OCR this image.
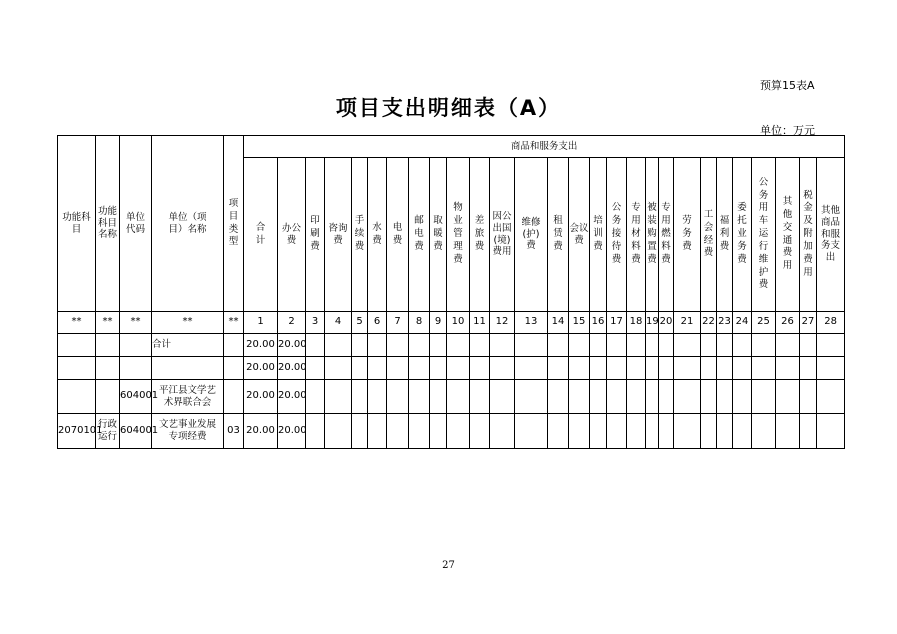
预算15表A
项目支出明细表（A）
单位：万元
功能科目	功能科目名称	单位代码	单位（项目）名称	项目类型	商品和服务支出																											
					合计	办公费	印刷费	咨询费	手续费	水费	电费	邮电费	取暖费	物业管理费	差旅费	因公出国(境)费用	维修(护)费	租赁费	会议费	培训费	公务接待费	专用材料费	被装购置费	专用燃料费	劳务费	工会经费	福利费	委托业务费	公务用车运行维护费	其他交通费用	税金及附加费用	其他商品和服务支出

**	**	**	**	**	1	2	3	4	5	6	7	8	9	10	11	12	13	14	15	16	17	18	19	20	21	22	23	24	25	26	27	28
			合计		20.00	20.00																										
					20.00	20.00																										
		604001	平江县文学艺术界联合会		20.00	20.00																										
2070101	行政运行	604001	文艺事业发展专项经费	03	20.00	20.00																										
27
